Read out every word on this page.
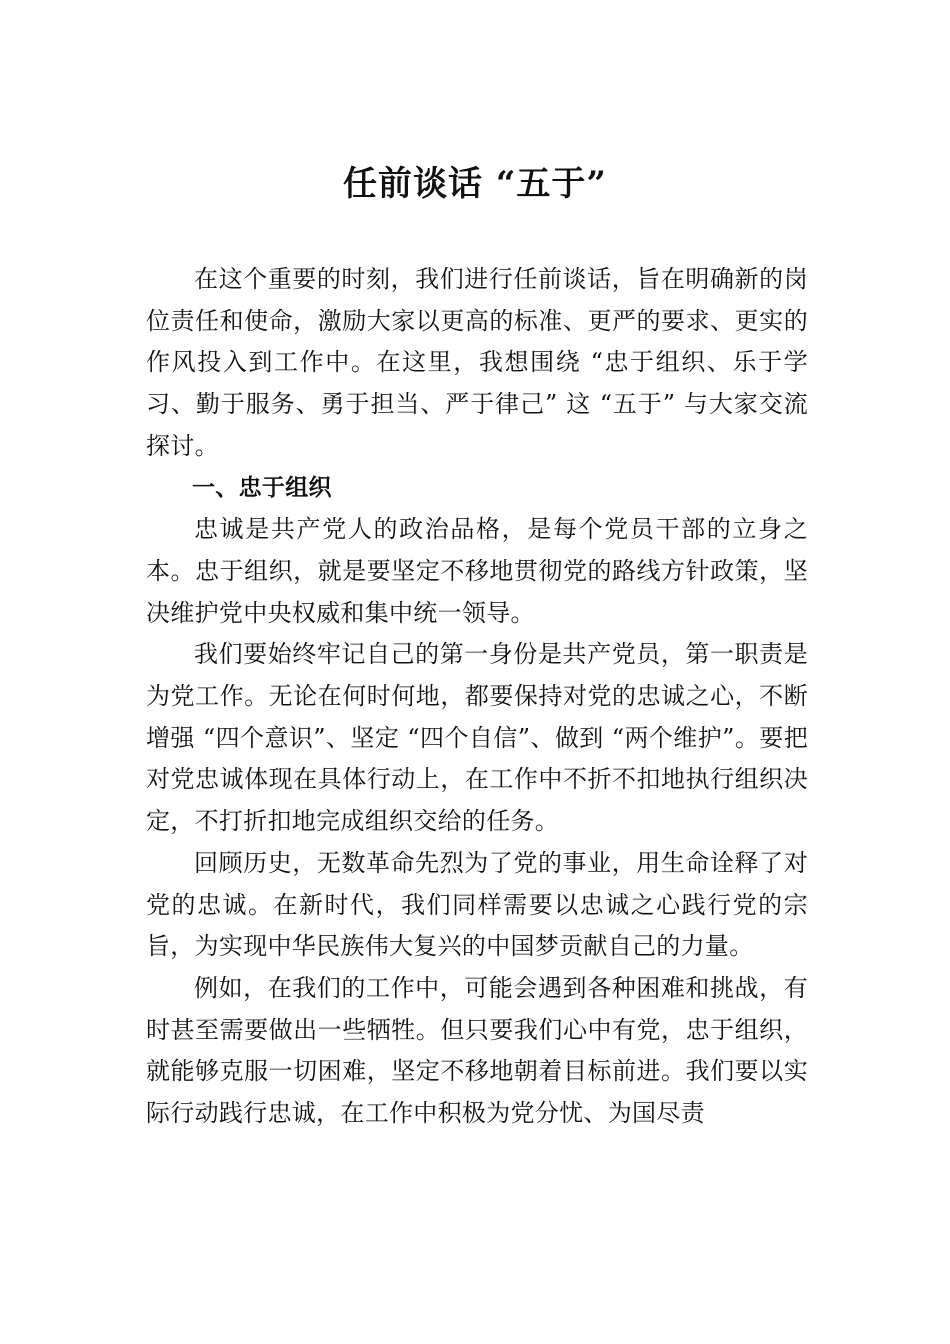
任前谈话 “五于”

在这个重要的时刻，我们进行任前谈话，旨在明确新的岗位责任和使命，激励大家以更高的标准、更严的要求、更实的作风投入到工作中。在这里，我想围绕 “忠于组织、乐于学习、勤于服务、勇于担当、严于律己” 这 “五于” 与大家交流探讨。

一、忠于组织

忠诚是共产党人的政治品格，是每个党员干部的立身之本。忠于组织，就是要坚定不移地贯彻党的路线方针政策，坚决维护党中央权威和集中统一领导。

我们要始终牢记自己的第一身份是共产党员，第一职责是为党工作。无论在何时何地，都要保持对党的忠诚之心，不断增强 “四个意识”、坚定 “四个自信”、做到 “两个维护”。要把对党忠诚体现在具体行动上，在工作中不折不扣地执行组织决定，不打折扣地完成组织交给的任务。

回顾历史，无数革命先烈为了党的事业，用生命诠释了对党的忠诚。在新时代，我们同样需要以忠诚之心践行党的宗旨，为实现中华民族伟大复兴的中国梦贡献自己的力量。

例如，在我们的工作中，可能会遇到各种困难和挑战，有时甚至需要做出一些牺牲。但只要我们心中有党，忠于组织，就能够克服一切困难，坚定不移地朝着目标前进。我们要以实际行动践行忠诚，在工作中积极为党分忧、为国尽责
